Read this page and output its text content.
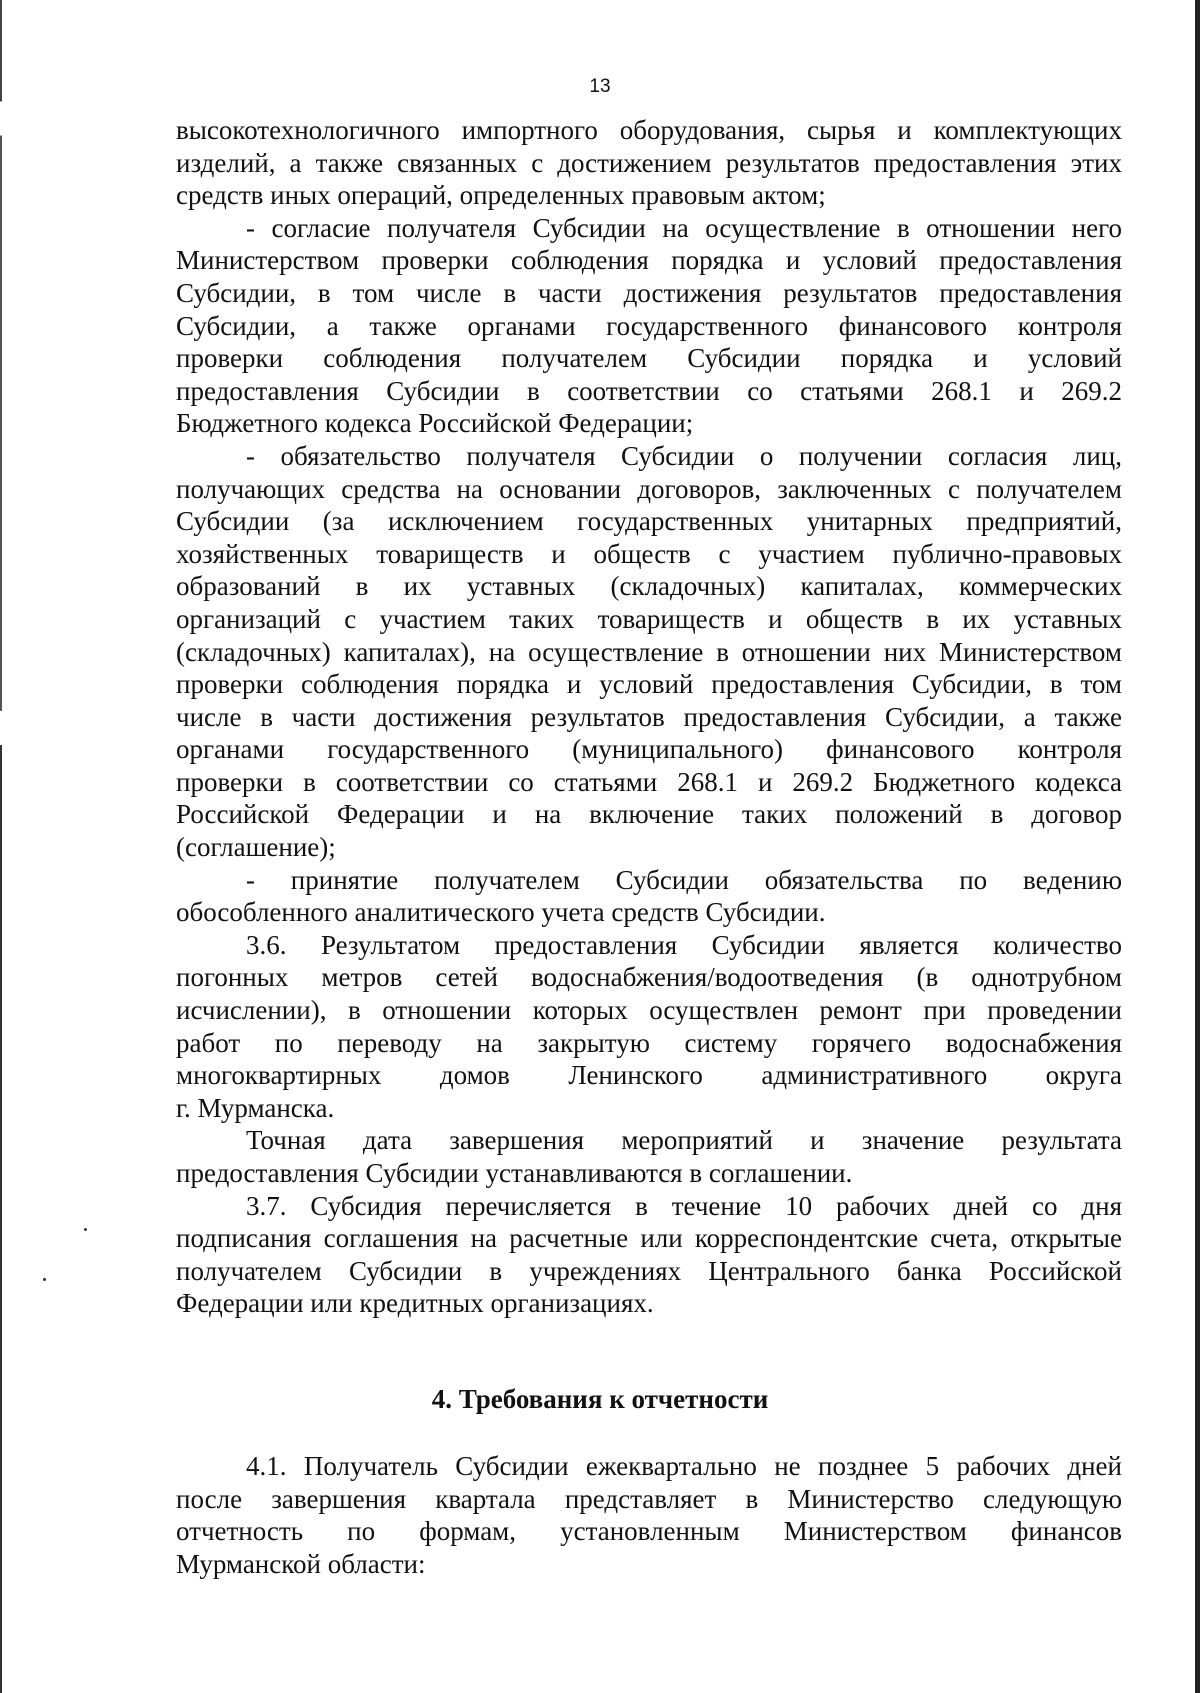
13
высокотехнологичного импортного оборудования, сырья и комплектующих
изделий, а также связанных с достижением результатов предоставления этих
средств иных операций, определенных правовым актом;
- согласие получателя Субсидии на осуществление в отношении него
Министерством проверки соблюдения порядка и условий предоставления
Субсидии, в том числе в части достижения результатов предоставления
Субсидии, а также органами государственного финансового контроля
проверки соблюдения получателем Субсидии порядка и условий
предоставления Субсидии в соответствии со статьями 268.1 и 269.2
Бюджетного кодекса Российской Федерации;
- обязательство получателя Субсидии о получении согласия лиц,
получающих средства на основании договоров, заключенных с получателем
Субсидии (за исключением государственных унитарных предприятий,
хозяйственных товариществ и обществ с участием публично-правовых
образований в их уставных (складочных) капиталах, коммерческих
организаций с участием таких товариществ и обществ в их уставных
(складочных) капиталах), на осуществление в отношении них Министерством
проверки соблюдения порядка и условий предоставления Субсидии, в том
числе в части достижения результатов предоставления Субсидии, а также
органами государственного (муниципального) финансового контроля
проверки в соответствии со статьями 268.1 и 269.2 Бюджетного кодекса
Российской Федерации и на включение таких положений в договор
(соглашение);
- принятие получателем Субсидии обязательства по ведению
обособленного аналитического учета средств Субсидии.
3.6. Результатом предоставления Субсидии является количество
погонных метров сетей водоснабжения/водоотведения (в однотрубном
исчислении), в отношении которых осуществлен ремонт при проведении
работ по переводу на закрытую систему горячего водоснабжения
многоквартирных домов Ленинского административного округа
г. Мурманска.
Точная дата завершения мероприятий и значение результата
предоставления Субсидии устанавливаются в соглашении.
3.7. Субсидия перечисляется в течение 10 рабочих дней со дня
подписания соглашения на расчетные или корреспондентские счета, открытые
получателем Субсидии в учреждениях Центрального банка Российской
Федерации или кредитных организациях.
4. Требования к отчетности
4.1. Получатель Субсидии ежеквартально не позднее 5 рабочих дней
после завершения квартала представляет в Министерство следующую
отчетность по формам, установленным Министерством финансов
Мурманской области:
